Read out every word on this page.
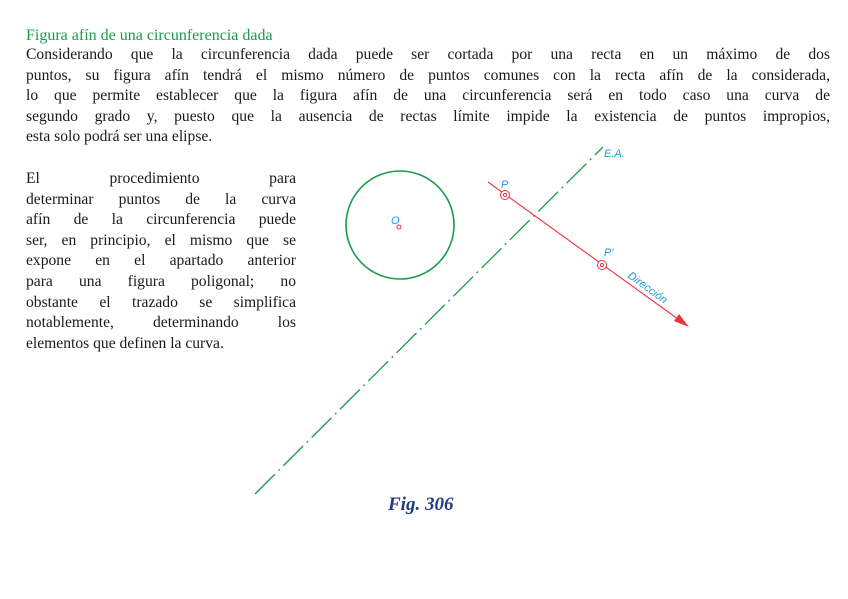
Figura afín de una circunferencia dada
Considerando que la circunferencia dada puede ser cortada por una recta en un máximo de dos
puntos, su figura afín tendrá el mismo número de puntos comunes con la recta afín de la considerada,
lo que permite establecer que la figura afín de una circunferencia será en todo caso una curva de
segundo grado y, puesto que la ausencia de rectas límite impide la existencia de puntos impropios,
esta solo podrá ser una elipse.
El procedimiento para
determinar puntos de la curva
afín de la circunferencia puede
ser, en principio, el mismo que se
expone en el apartado anterior
para una figura poligonal; no
obstante el trazado se simplifica
notablemente, determinando los
elementos que definen la curva.
E.A.
O
P
P'
Dirección
Fig. 306
